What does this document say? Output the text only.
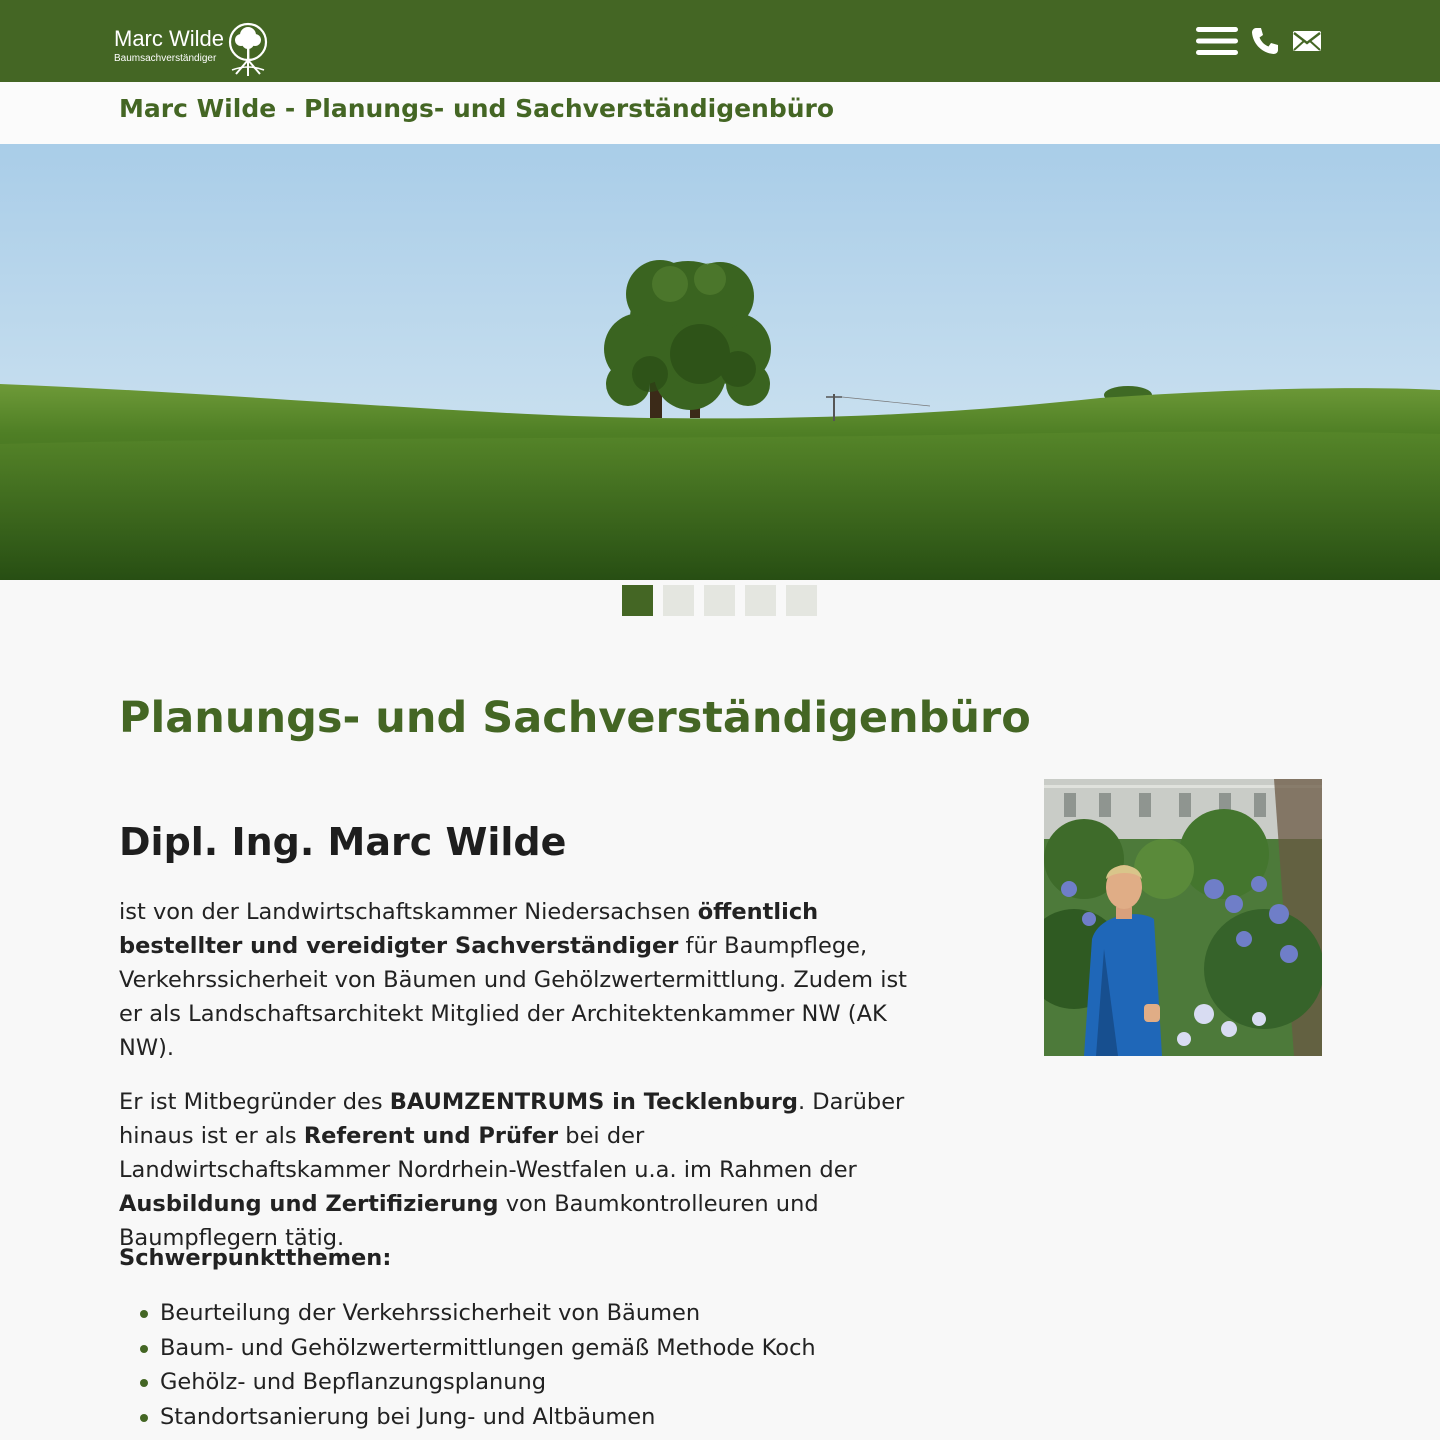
Marc Wilde
Baumsachverständiger
Marc Wilde - Planungs- und Sachverständigenbüro
Planungs- und Sachverständigenbüro
Dipl. Ing. Marc Wilde

ist von der Landwirtschaftskammer Niedersachsen öffentlich bestellter und vereidigter Sachverständiger für Baumpflege, Verkehrssicherheit von Bäumen und Gehölzwertermittlung. Zudem ist er als Landschaftsarchitekt Mitglied der Architektenkammer NW (AK NW).

Er ist Mitbegründer des BAUMZENTRUMS in Tecklenburg. Darüber hinaus ist er als Referent und Prüfer bei der Landwirtschaftskammer Nordrhein-Westfalen u.a. im Rahmen der Ausbildung und Zertifizierung von Baumkontrolleuren und Baumpflegern tätig.

Schwerpunktthemen:

Beurteilung der Verkehrssicherheit von Bäumen
Baum- und Gehölzwertermittlungen gemäß Methode Koch
Gehölz- und Bepflanzungsplanung
Standortsanierung bei Jung- und Altbäumen
